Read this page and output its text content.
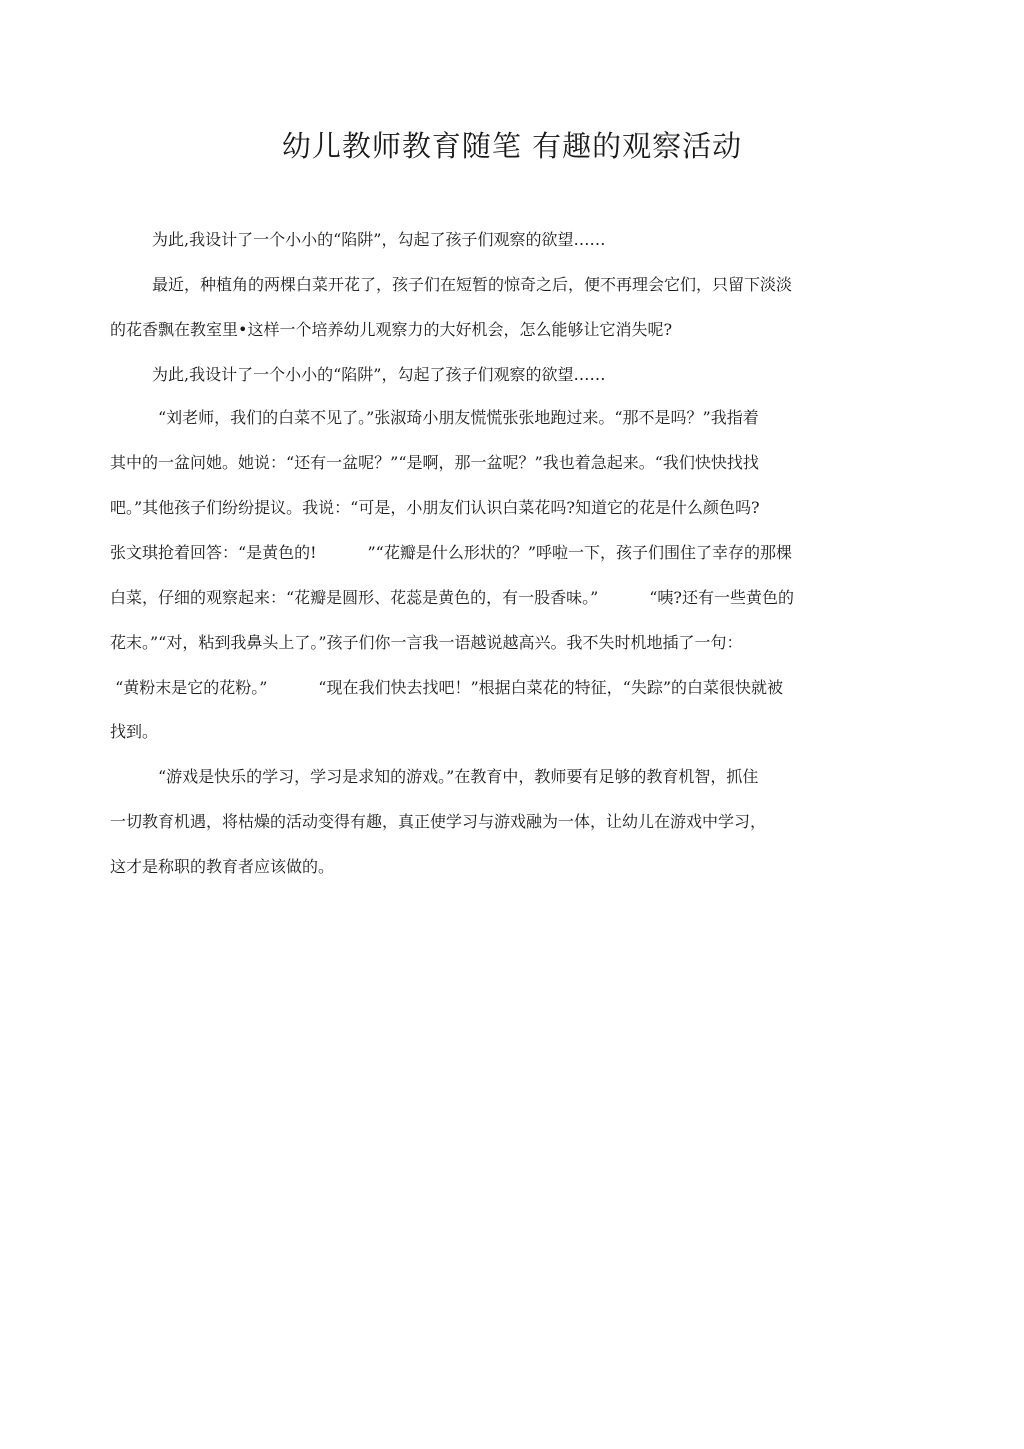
幼儿教师教育随笔 有趣的观察活动

为此,我设计了一个小小的“陷阱”，勾起了孩子们观察的欲望……

最近，种植角的两棵白菜开花了，孩子们在短暂的惊奇之后，便不再理会它们，只留下淡淡

的花香飘在教室里•这样一个培养幼儿观察力的大好机会，怎么能够让它消失呢?

为此,我设计了一个小小的“陷阱”，勾起了孩子们观察的欲望……

“刘老师，我们的白菜不见了。”张淑琦小朋友慌慌张张地跑过来。“那不是吗？”我指着

其中的一盆问她。她说：“还有一盆呢？”“是啊，那一盆呢？”我也着急起来。“我们快快找找

吧。”其他孩子们纷纷提议。我说：“可是，小朋友们认识白菜花吗?知道它的花是什么颜色吗?

张文琪抢着回答：“是黄色的!          ”“花瓣是什么形状的？”呼啦一下，孩子们围住了幸存的那棵

白菜，仔细的观察起来：“花瓣是圆形、花蕊是黄色的，有一股香味。”          “咦?还有一些黄色的

花末。”“对，粘到我鼻头上了。”孩子们你一言我一语越说越高兴。我不失时机地插了一句：

“黄粉末是它的花粉。”          “现在我们快去找吧！”根据白菜花的特征，“失踪”的白菜很快就被

找到。

“游戏是快乐的学习，学习是求知的游戏。”在教育中，教师要有足够的教育机智，抓住

一切教育机遇，将枯燥的活动变得有趣，真正使学习与游戏融为一体，让幼儿在游戏中学习，

这才是称职的教育者应该做的。
